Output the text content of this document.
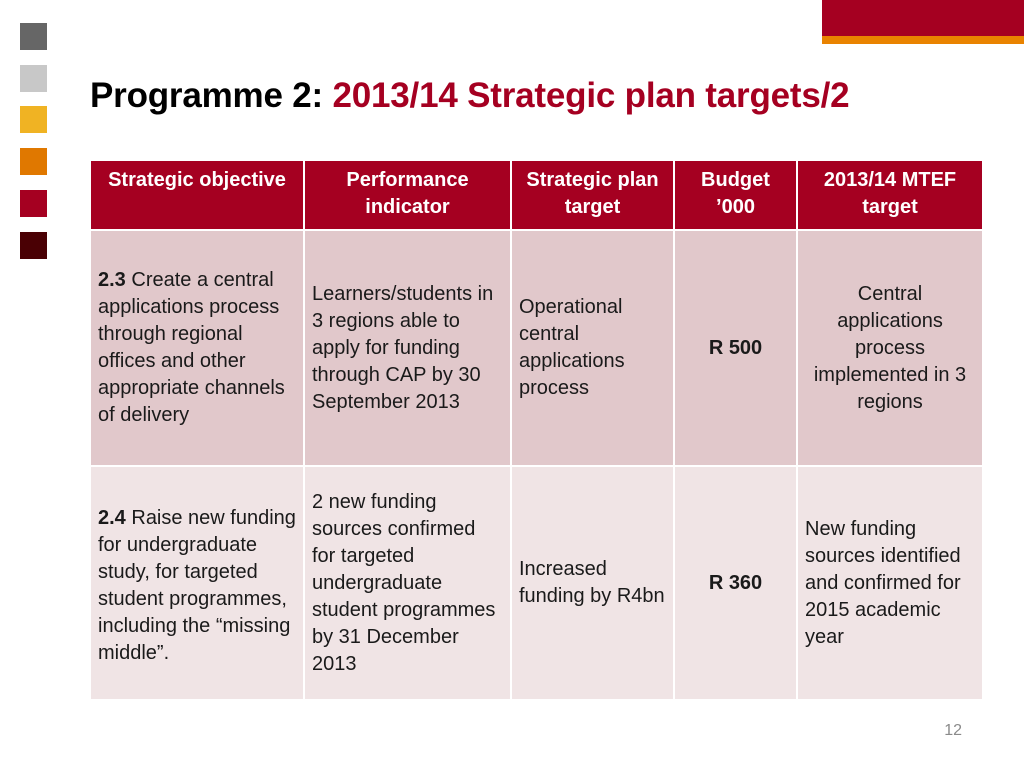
Programme 2: 2013/14 Strategic plan targets/2
Strategic objective	Performance indicator	Strategic plan target	Budget ’000	2013/14 MTEF target
2.3 Create a central applications process through regional offices and other appropriate channels of delivery	Learners/students in 3 regions able to apply for funding through CAP by 30 September 2013	Operational central applications process	R 500	Central applications process implemented in 3 regions
2.4 Raise new funding for undergraduate study, for targeted student programmes, including the “missing middle”.	2 new funding sources confirmed for targeted undergraduate student programmes by 31 December 2013	Increased funding by R4bn	R 360	New funding sources identified and confirmed for 2015 academic year
12
